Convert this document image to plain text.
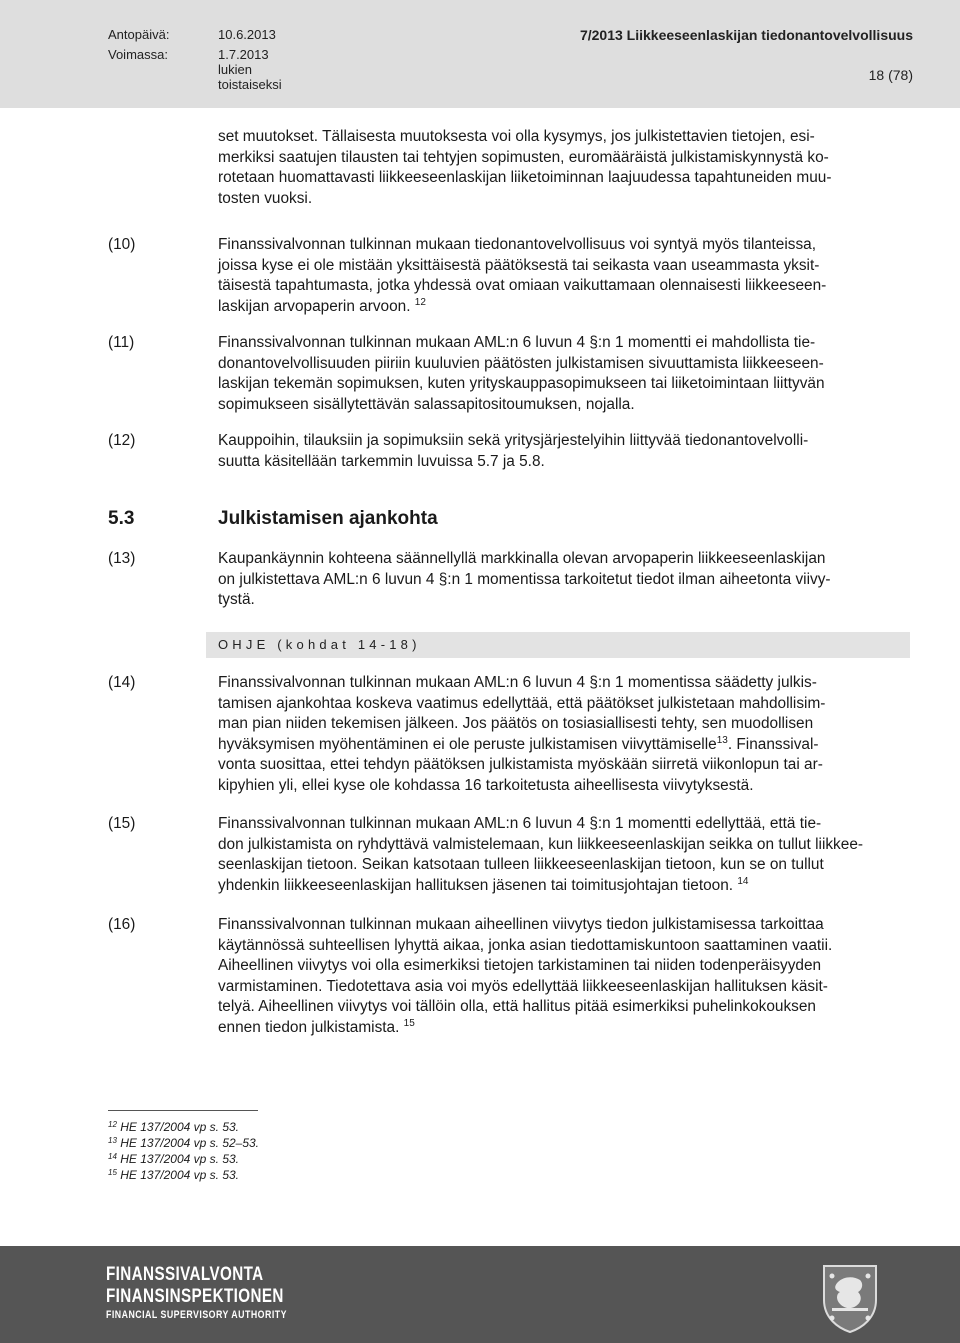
Antopäivä:	10.6.2013
Voimassa:	1.7.2013 lukien toistaiseksi
7/2013 Liikkeeseenlaskijan tiedonantovelvollisuus
18 (78)

set muutokset. Tällaisesta muutoksesta voi olla kysymys, jos julkistettavien tietojen, esi-

merkiksi saatujen tilausten tai tehtyjen sopimusten, euromääräistä julkistamiskynnystä ko-

rotetaan huomattavasti liikkeeseenlaskijan liiketoiminnan laajuudessa tapahtuneiden muu-

tosten vuoksi.

(10)	Finanssivalvonnan tulkinnan mukaan tiedonantovelvollisuus voi syntyä myös tilanteissa,

joissa kyse ei ole mistään yksittäisestä päätöksestä tai seikasta vaan useammasta yksit-

täisestä tapahtumasta, jotka yhdessä ovat omiaan vaikuttamaan olennaisesti liikkeeseen-

laskijan arvopaperin arvoon. $^{12}$

(11)	Finanssivalvonnan tulkinnan mukaan AML:n 6 luvun 4 §:n 1 momentti ei mahdollista tie-

donantovelvollisuuden piiriin kuuluvien päätösten julkistamisen sivuuttamista liikkeeseen-

laskijan tekemän sopimuksen, kuten yrityskauppasopimukseen tai liiketoimintaan liittyvän

sopimukseen sisällytettävän salassapitositoumuksen, nojalla.

(12)	Kauppoihin, tilauksiin ja sopimuksiin sekä yritysjärjestelyihin liittyvää tiedonantovelvolli-

suutta käsitellään tarkemmin luvuissa 5.7 ja 5.8.

5.3	Julkistamisen ajankohta
(13)	Kaupankäynnin kohteena säännellyllä markkinalla olevan arvopaperin liikkeeseenlaskijan

on julkistettava AML:n 6 luvun 4 §:n 1 momentissa tarkoitetut tiedot ilman aiheetonta viivy-

tystä.

OHJE (kohdat 14-18)
(14)	Finanssivalvonnan tulkinnan mukaan AML:n 6 luvun 4 §:n 1 momentissa säädetty julkis-

tamisen ajankohtaa koskeva vaatimus edellyttää, että päätökset julkistetaan mahdollisim-

man pian niiden tekemisen jälkeen. Jos päätös on tosiasiallisesti tehty, sen muodollisen

hyväksymisen myöhentäminen ei ole peruste julkistamisen viivyttämiselle$^{13}$. Finanssival-

vonta suosittaa, ettei tehdyn päätöksen julkistamista myöskään siirretä viikonlopun tai ar-

kipyhien yli, ellei kyse ole kohdassa 16 tarkoitetusta aiheellisesta viivytyksestä.

(15)	Finanssivalvonnan tulkinnan mukaan AML:n 6 luvun 4 §:n 1 momentti edellyttää, että tie-

don julkistamista on ryhdyttävä valmistelemaan, kun liikkeeseenlaskijan seikka on tullut liikkee-

seenlaskijan tietoon. Seikan katsotaan tulleen liikkeeseenlaskijan tietoon, kun se on tullut

yhdenkin liikkeeseenlaskijan hallituksen jäsenen tai toimitusjohtajan tietoon. $^{14}$

(16)	Finanssivalvonnan tulkinnan mukaan aiheellinen viivytys tiedon julkistamisessa tarkoittaa

käytännössä suhteellisen lyhyttä aikaa, jonka asian tiedottamiskuntoon saattaminen vaatii.

Aiheellinen viivytys voi olla esimerkiksi tietojen tarkistaminen tai niiden todenperäisyyden

varmistaminen. Tiedotettava asia voi myös edellyttää liikkeeseenlaskijan hallituksen käsit-

telyä. Aiheellinen viivytys voi tällöin olla, että hallitus pitää esimerkiksi puhelinkokouksen

ennen tiedon julkistamista. $^{15}$

$^{12}$ HE 137/2004 vp s. 53.
$^{13}$ HE 137/2004 vp s. 52–53.
$^{14}$ HE 137/2004 vp s. 53.
$^{15}$ HE 137/2004 vp s. 53.
FINANSSIVALVONTA
FINANSINSPEKTIONEN
FINANCIAL SUPERVISORY AUTHORITY
